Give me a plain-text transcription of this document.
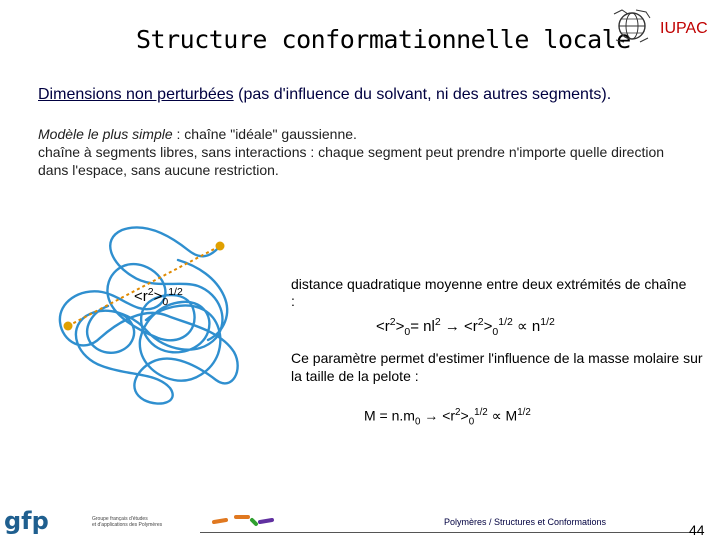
Structure conformationnelle locale IUPAC
Dimensions non perturbées (pas d'influence du solvant, ni des autres segments).
Modèle le plus simple : chaîne "idéale" gaussienne.
chaîne à segments libres, sans interactions : chaque segment peut prendre n'importe quelle direction dans l'espace, sans aucune restriction.
$<r^2>_0^{1/2}$	distance quadratique moyenne entre deux extrémités de chaîne :
$<r^2>_0= nl^2 \to <r^2>_0^{1/2} \propto n^{1/2}$
Ce paramètre permet d'estimer l'influence de la masse molaire sur la taille de la pelote :
$M = n.m_0 \to <r^2>_0^{1/2} \propto M^{1/2}$
gfp	Groupe français d'études
et d'applications des Polymères	Polymères / Structures et Conformations	44
